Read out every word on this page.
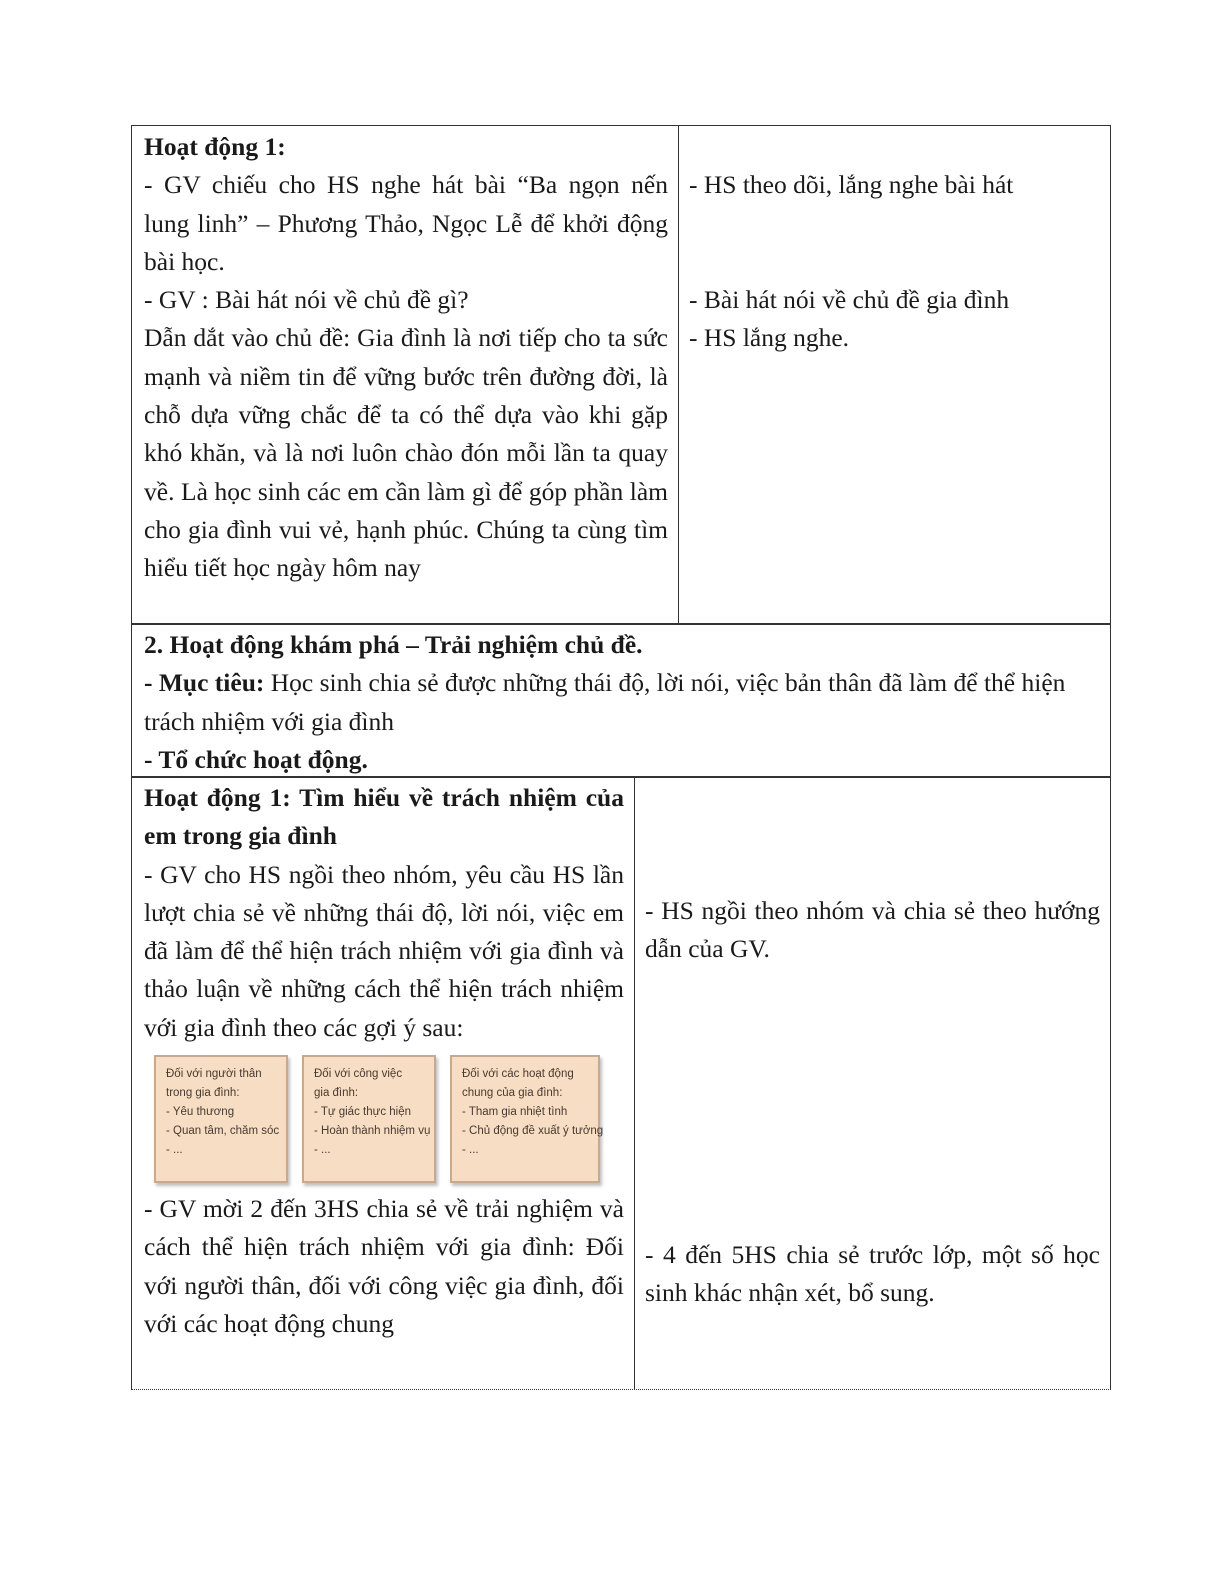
Hoạt động 1:

- GV chiếu cho HS nghe hát bài “Ba ngọn nến lung linh” – Phương Thảo, Ngọc Lễ để khởi động bài học.

- GV : Bài hát nói về chủ đề gì?

Dẫn dắt vào chủ đề: Gia đình là nơi tiếp cho ta sức mạnh và niềm tin để vững bước trên đường đời, là chỗ dựa vững chắc để ta có thể dựa vào khi gặp khó khăn, và là nơi luôn chào đón mỗi lần ta quay về. Là học sinh các em cần làm gì để góp phần làm cho gia đình vui vẻ, hạnh phúc. Chúng ta cùng tìm hiểu tiết học ngày hôm nay

- HS theo dõi, lắng nghe bài hát

- Bài hát nói về chủ đề gia đình

- HS lắng nghe.

2. Hoạt động khám phá – Trải nghiệm chủ đề.

- Mục tiêu: Học sinh chia sẻ được những thái độ, lời nói, việc bản thân đã làm để thể hiện trách nhiệm với gia đình

- Tổ chức hoạt động.

Hoạt động 1: Tìm hiểu về trách nhiệm của em trong gia đình

- GV cho HS ngồi theo nhóm, yêu cầu HS lần lượt chia sẻ về những thái độ, lời nói, việc em đã làm để thể hiện trách nhiệm với gia đình và thảo luận về những cách thể hiện trách nhiệm với gia đình theo các gợi ý sau:

Đối với người thân
trong gia đình:
- Yêu thương
- Quan tâm, chăm sóc
- ...
Đối với công việc
gia đình:
- Tự giác thực hiện
- Hoàn thành nhiệm vụ
- ...
Đối với các hoạt động
chung của gia đình:
- Tham gia nhiệt tình
- Chủ động đề xuất ý tưởng
- ...

- GV mời 2 đến 3HS chia sẻ về trải nghiệm và cách thể hiện trách nhiệm với gia đình: Đối với người thân, đối với công việc gia đình, đối với các hoạt động chung

- HS ngồi theo nhóm và chia sẻ theo hướng dẫn của GV.

- 4 đến 5HS chia sẻ trước lớp, một số học sinh khác nhận xét, bổ sung.
